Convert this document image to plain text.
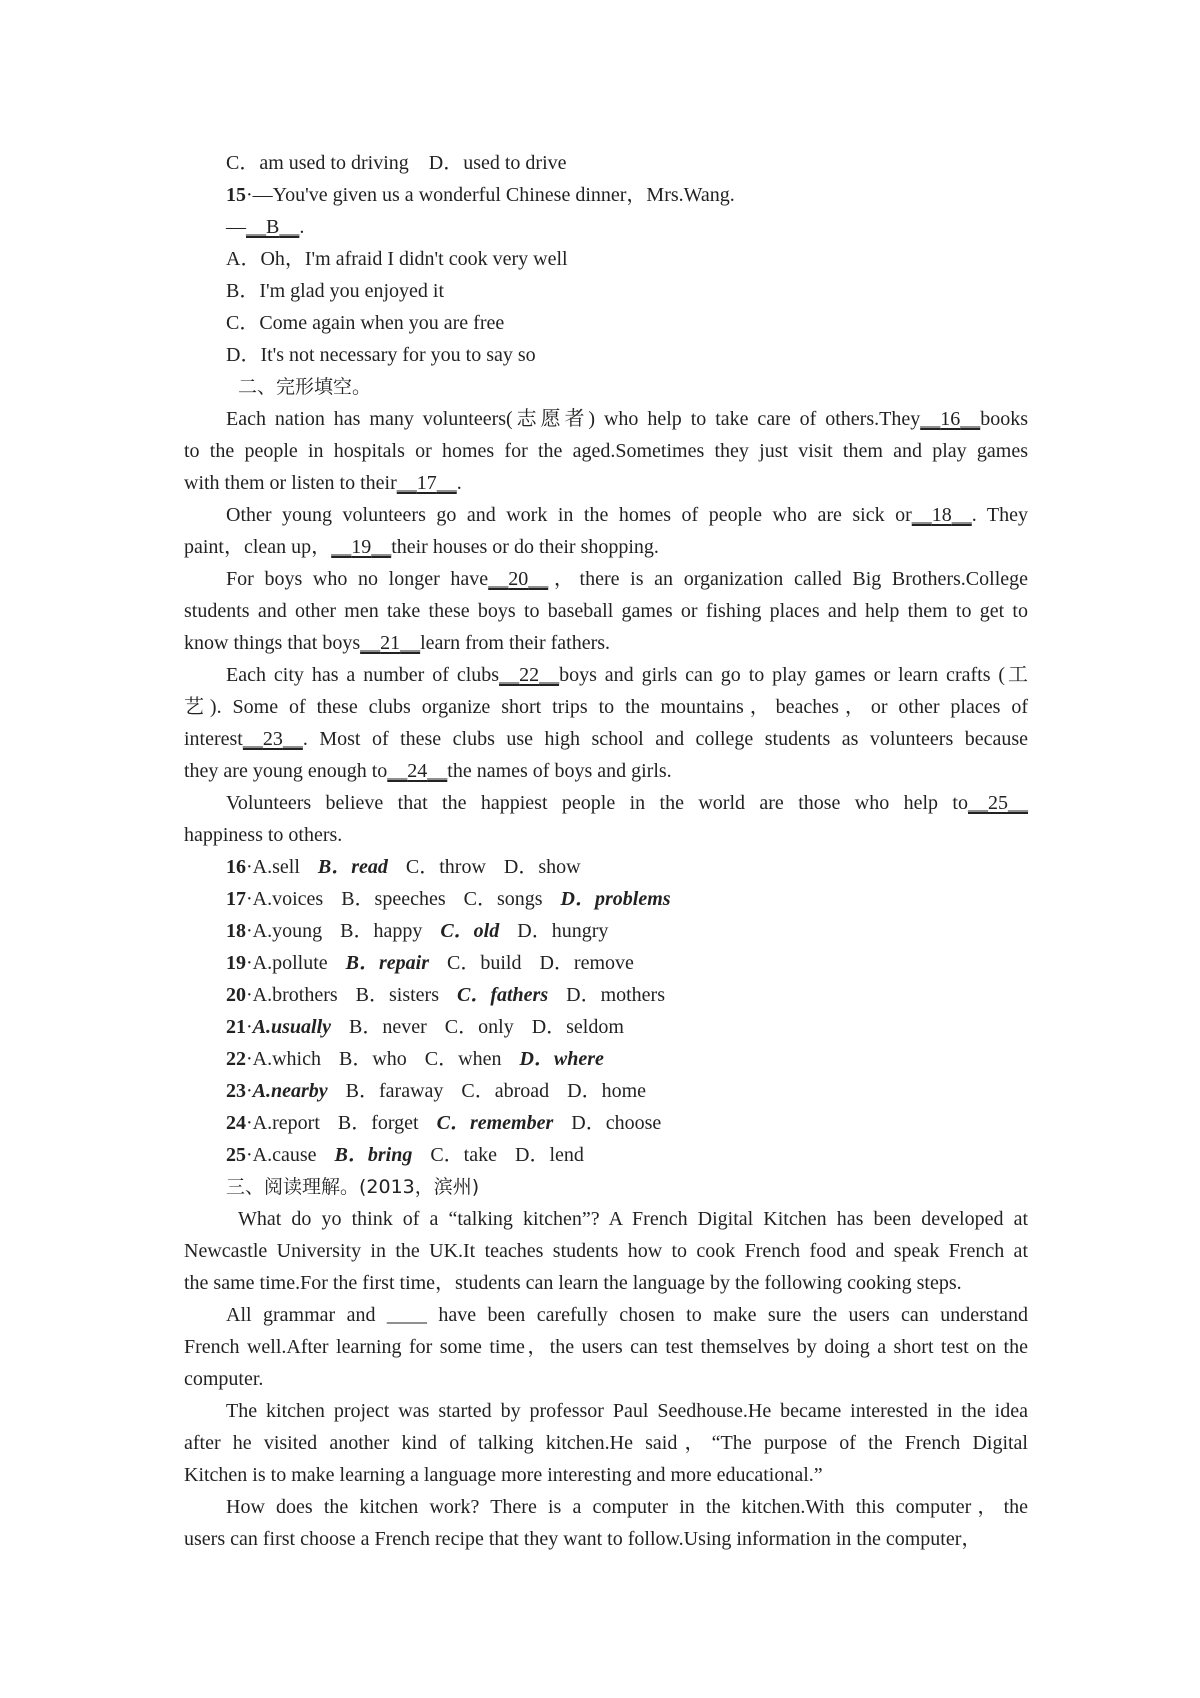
C．am used to driving　D．used to drive
15·—You've given us a wonderful Chinese dinner，Mrs.Wang.
—__B__.
A．Oh，I'm afraid I didn't cook very well
B．I'm glad you enjoyed it
C．Come again when you are free
D．It's not necessary for you to say so
二、完形填空。
Each nation has many volunteers(志愿者) who help to take care of others.They__16__books
to the people in hospitals or homes for the aged.Sometimes they just visit them and play games
with them or listen to their__17__.
Other young volunteers go and work in the homes of people who are sick or__18__. They
paint，clean up，__19__their houses or do their shopping.
For boys who no longer have__20__，there is an organization called Big Brothers.College
students and other men take these boys to baseball games or fishing places and help them to get to
know things that boys__21__learn from their fathers.
Each city has a number of clubs__22__boys and girls can go to play games or learn crafts (工
艺). Some of these clubs organize short trips to the mountains，beaches，or other places of
interest__23__. Most of these clubs use high school and college students as volunteers because
they are young enough to__24__the names of boys and girls.
Volunteers believe that the happiest people in the world are those who help to__25__
happiness to others.
16·A.sell B．read C．throw D．show
17·A.voices B．speeches C．songs D．problems
18·A.young B．happy C．old D．hungry
19·A.pollute B．repair C．build D．remove
20·A.brothers B．sisters C．fathers D．mothers
21·A.usually B．never C．only D．seldom
22·A.which B．who C．when D．where
23·A.nearby B．faraway C．abroad D．home
24·A.report B．forget C．remember D．choose
25·A.cause B．bring C．take D．lend
三、阅读理解。(2013，滨州)
What do yo think of a “talking kitchen”? A French Digital Kitchen has been developed at
Newcastle University in the UK.It teaches students how to cook French food and speak French at
the same time.For the first time，students can learn the language by the following cooking steps.
All grammar and ____ have been carefully chosen to make sure the users can understand
French well.After learning for some time，the users can test themselves by doing a short test on the
computer.
The kitchen project was started by professor Paul Seedhouse.He became interested in the idea
after he visited another kind of talking kitchen.He said，“The purpose of the French Digital
Kitchen is to make learning a language more interesting and more educational.”
How does the kitchen work? There is a computer in the kitchen.With this computer，the
users can first choose a French recipe that they want to follow.Using information in the computer，
